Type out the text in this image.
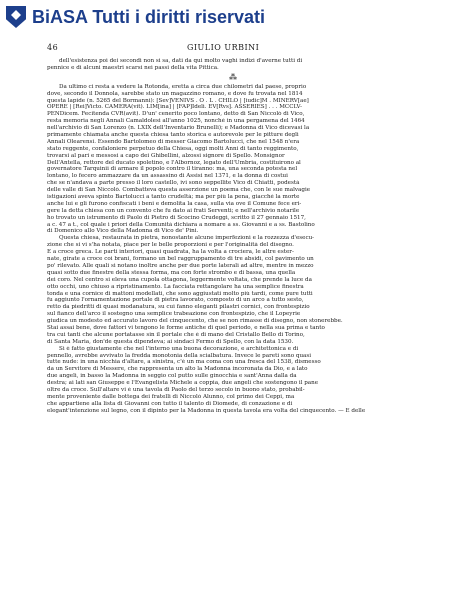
BiASA Tutti i diritti riservati
46	GIULIO URBINI

dell'esistenza poi dei secondi non si sa, dati da qui molto vaghi indizi d'averne tutti di

pennice e di alcuni maestri scarsi nei passi della vita Pittica.

⁂

Da ultimo ci resta a vedere la Rotonda, eretta a circa due chilometri dal paese, proprio

dove, secondo il Donnola, sarebbe stato un magazzino romano, e dove fu trovata nel 1814

questa lapide (n. 5265 del Bormanni): [Sev]VENIVS . O . L . CHILO | [iudic]M . MINERV[ae]

OPERE | [Rei]Victo. CAMERA(vit). LIM[ina] | [FAP]Ideli. EV[Rvs]. ASSERIES] . . . MCCLV-

PENDicem. Fecitenda CVR(avit). D'un' cenerito poco lontano, detto di San Niccolò di Vico,

resta memoria negli Annali Camaldolesi all'anno 1025, nonché in una pergamena del 1464

nell'archivio di San Lorenzo (n. LXIX dell'Inventario Brunelli); e Madonna di Vico dicevasi la

primamente chiamata anche questa chiesa tanto storica e autorevole per le pitture degli

Annali Olearensi. Essendo Bartolomeo di messer Giacomo Bartolucci, che nel 1548 n'era

stato reggente, confaloniere perpetuo della Chiesa, oggi molti Anni di tanto reggimento,

trovarsi al pari e messosi a capo dei Ghibellini, alzossi signore di Spello. Monsignor

Dell'Antella, rettore del ducato spoletino, e l'Albornoz, legato dell'Umbria, costituirono al

governatore Tarquinii di armare il popolo contro il tiranno: ma, una seconda potesta nel

lontano, lo fecero ammazzare da un assassino di Assisi nel 1371, e la donna di costui

che se n'andava a parte presso il loro castello, ivi sono seppellite Vico di Chiatti, podestà

delle valle di San Niccolò. Combatteva questa asserzione un poema che, con le sue malvagie

istigazioni aveva spinto Bartolucci a tanto crudeltà; ma per più la pena, giacché la morte

anche lui e gli furono confiscati i beni e demolita la casa, sulla via ove il Comune fece eri-

gere la detta chiesa con un convento che fu dato ai frati Serventi; e nell'archivio notarile

ho trovato un istrumento di Paolo di Pietro di Scocino Crudeggi, scritto il 27 gennaio 1517,

a c. 47 a t., col quale i priori della Comunità dichiara a nomare a ss. Giovanni e a ss. Bastolino

di Domenico allo Vico della Madonna di Vico de' Pini.

Questa chiesa, restaurata in pietra, nonostante alcune imperfezioni e la rozzezza d'esecu-

zione che si vi s'ha notata, piace per le belle proporzioni e per l'originalità del disegno.

E a croce greca. Le parti interiori, quasi quadrata, ha la volta a crociera, le altre ester-

nate, girate a croce coi brani, formano un bel raggruppamento di tre absidi, col pavimento un

po' rilevato. Alle quali si notano inoltre anche per due porte laterali ad altre, mentre in mezzo

quasi sotto due finestre della stessa forma, ma con forte strombo e di bassa, una quella

dei coro. Nel centro si eleva una cupola ottagona, leggermente voltata, che prende la luce da

otto occhi, uno chiuso a ripristinamento. La facciata rettangolare ha una semplice finestra

tonda e una cornice di mattoni modellati, che sono aggiustati molto più tardi, come pure tutti

fu aggiunto l'ornamentazione portale di pietra lavorato, composto di un arco a tutto sesto,

retto da piedritti di quasi modanatura, su cui fanno eleganti pilastri cornici, con frontespizio

sul fianco dell'arco il sostegno una semplice trabeazione con frontespizio, che il Lopeyrie

giudica un modesto ed accurato lavoro del cinquecento, che se non rimasse di disegno, non stonerebbe.

Stai assai bene, dove fattori vi tengono le forme antiche di quel periodo, e nella sua prima e tanto

tra cui tanti che alcune portatasse sin il portale che è di mano del Cristallo Bello di Torino,

di Santa Maria, don'de questa dipendeva; ai sindaci Fermo di Spello, con la data 1530.

Si è fatto giustamente che nel l'interno una buona decorazione, e architettonica e di

pennello, avrebbe avvivato la fredda monotonia della scialbatura. Invece le pareti sono quasi

tutte nude: in una nicchia d'altare, a sinistra, c'è un ma coma con una fresca del 1538, dismesso

da un Servitore di Messere, che rappresenta un alto la Madonna incoronata da Dio, e a lato

due angeli, in basso la Madonna in seggio col putto sulle ginocchia e sant'Anna dalla da

destra; ai lati san Giuseppe e l'Evangelista Michele a coppia, due angeli che sostengono il pane

oltre da croce. Sull'altare vi è una tavola di Paolo del terzo secolo in buono stato, probabil-

mente proveniente dalle bottega dei fratelli di Niccolò Alunno, col primo dei Ceppi, ma

che appartiene alla lista di Giovanni con tutto il talento di Diomede, di conzazione e di

elegant'intenzione sul legno, con il dipinto per la Madonna in questa tavola era volta del cinquecento. — E delle
